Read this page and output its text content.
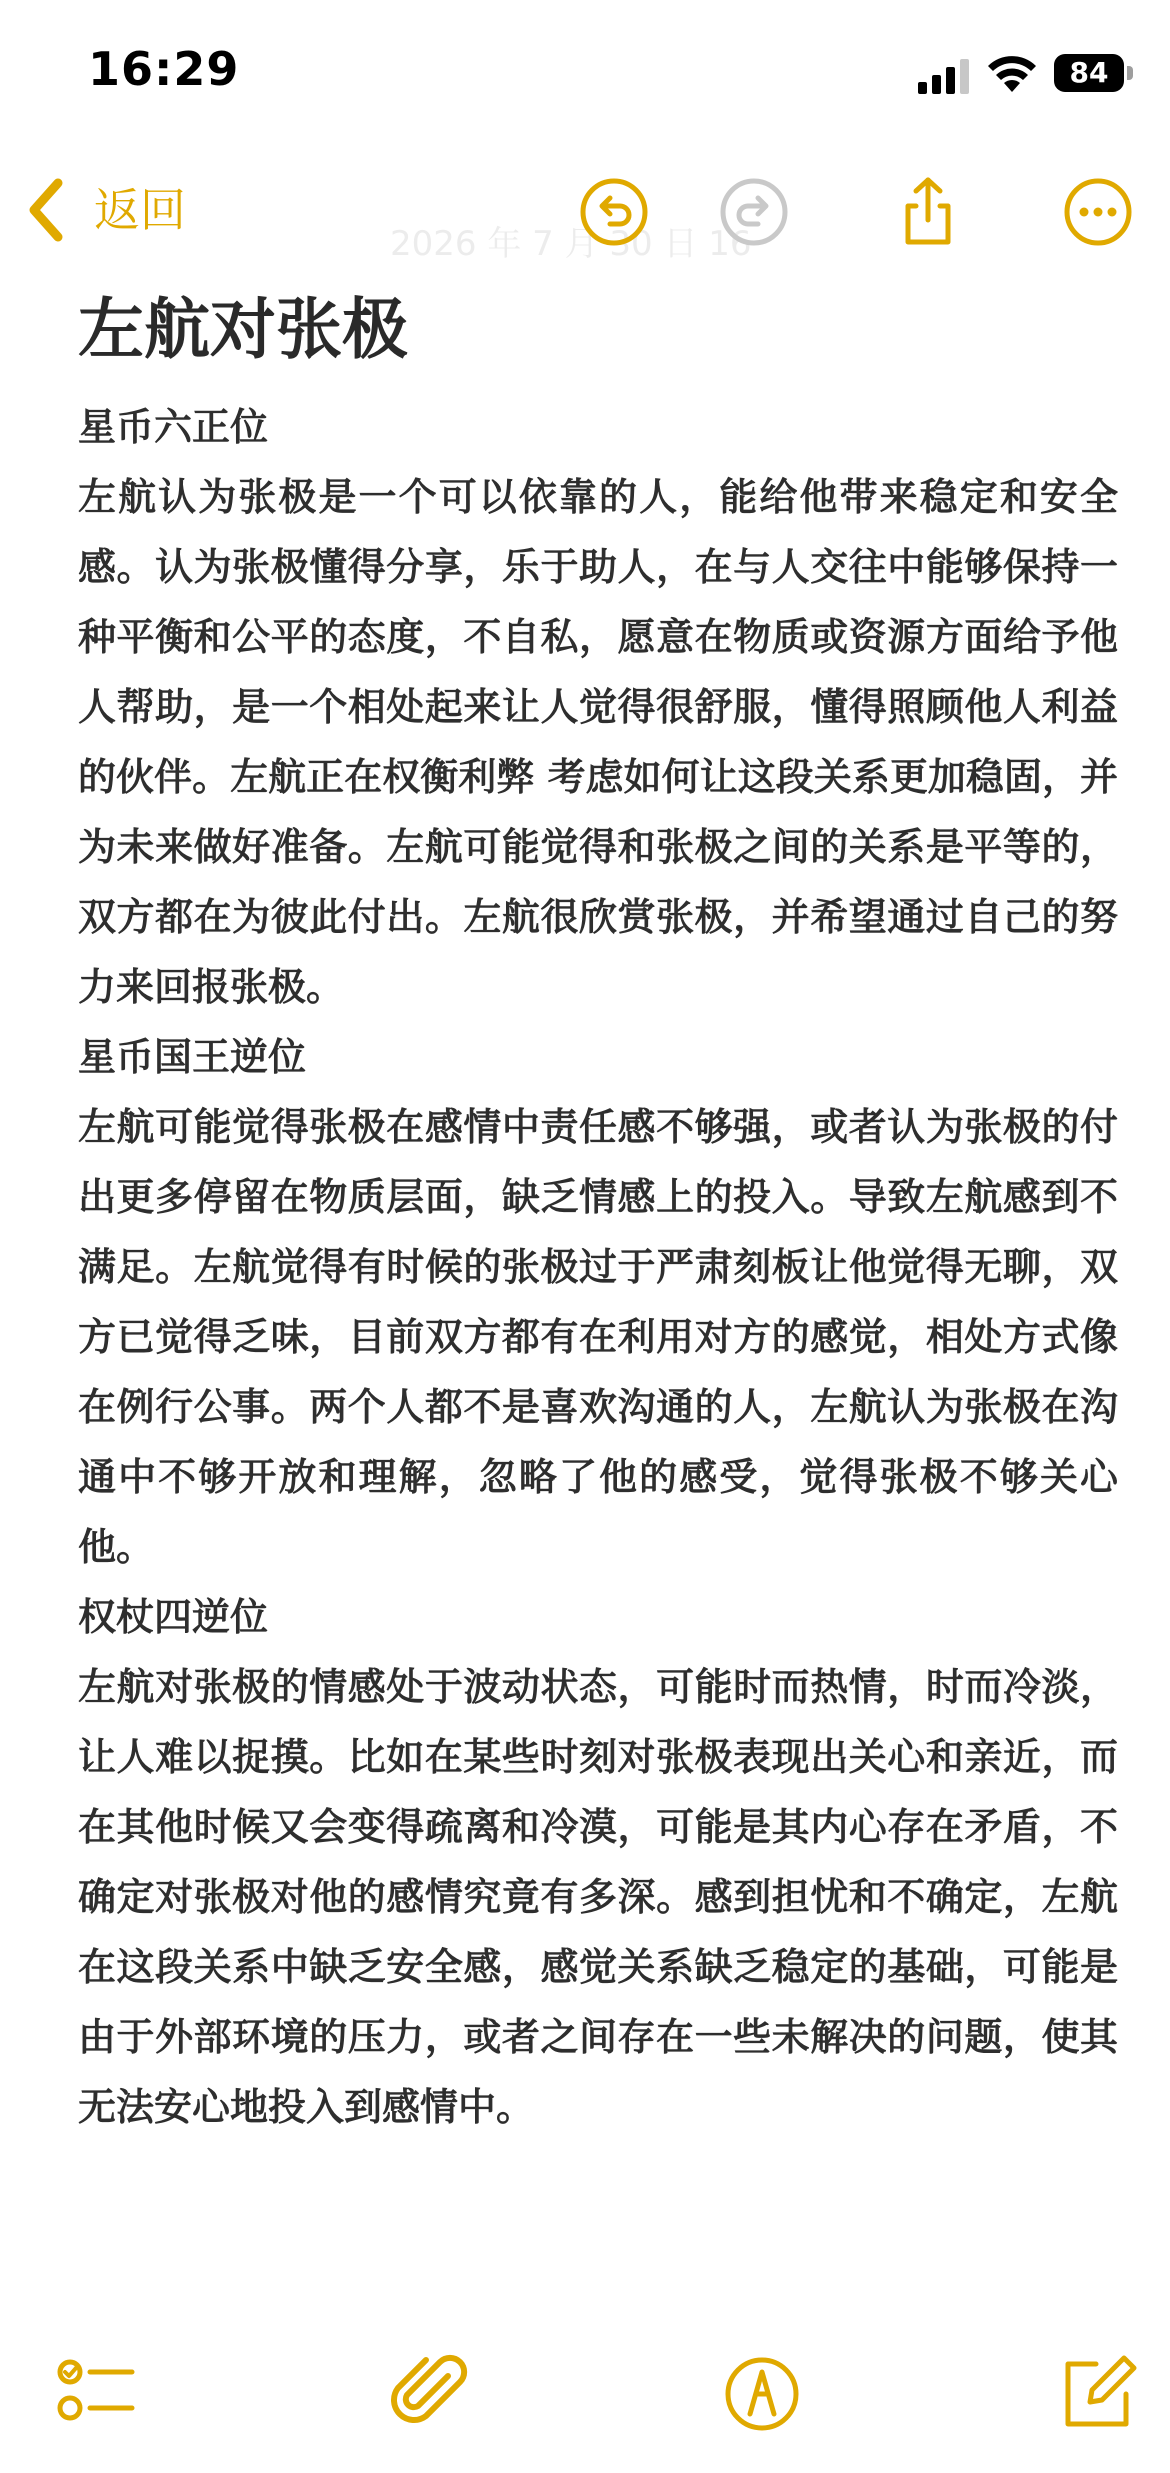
16:29	84
2026 年 7 月 30 日 16
返回
左航对张极
星币六正位
左航认为张极是一个可以依靠的人，能给他带来稳定和安全感。认为张极懂得分享，乐于助人，在与人交往中能够保持一种平衡和公平的态度，不自私，愿意在物质或资源方面给予他人帮助，是一个相处起来让人觉得很舒服，懂得照顾他人利益的伙伴。左航正在权衡利弊 考虑如何让这段关系更加稳固，并为未来做好准备。左航可能觉得和张极之间的关系是平等的，双方都在为彼此付出。左航很欣赏张极，并希望通过自己的努力来回报张极。
星币国王逆位
左航可能觉得张极在感情中责任感不够强，或者认为张极的付出更多停留在物质层面，缺乏情感上的投入。导致左航感到不满足。左航觉得有时候的张极过于严肃刻板让他觉得无聊，双方已觉得乏味，目前双方都有在利用对方的感觉，相处方式像在例行公事。两个人都不是喜欢沟通的人，左航认为张极在沟通中不够开放和理解，忽略了他的感受，觉得张极不够关心他。
权杖四逆位
左航对张极的情感处于波动状态，可能时而热情，时而冷淡，让人难以捉摸。比如在某些时刻对张极表现出关心和亲近，而在其他时候又会变得疏离和冷漠，可能是其内心存在矛盾，不确定对张极对他的感情究竟有多深。感到担忧和不确定，左航在这段关系中缺乏安全感，感觉关系缺乏稳定的基础，可能是由于外部环境的压力，或者之间存在一些未解决的问题，使其无法安心地投入到感情中。
